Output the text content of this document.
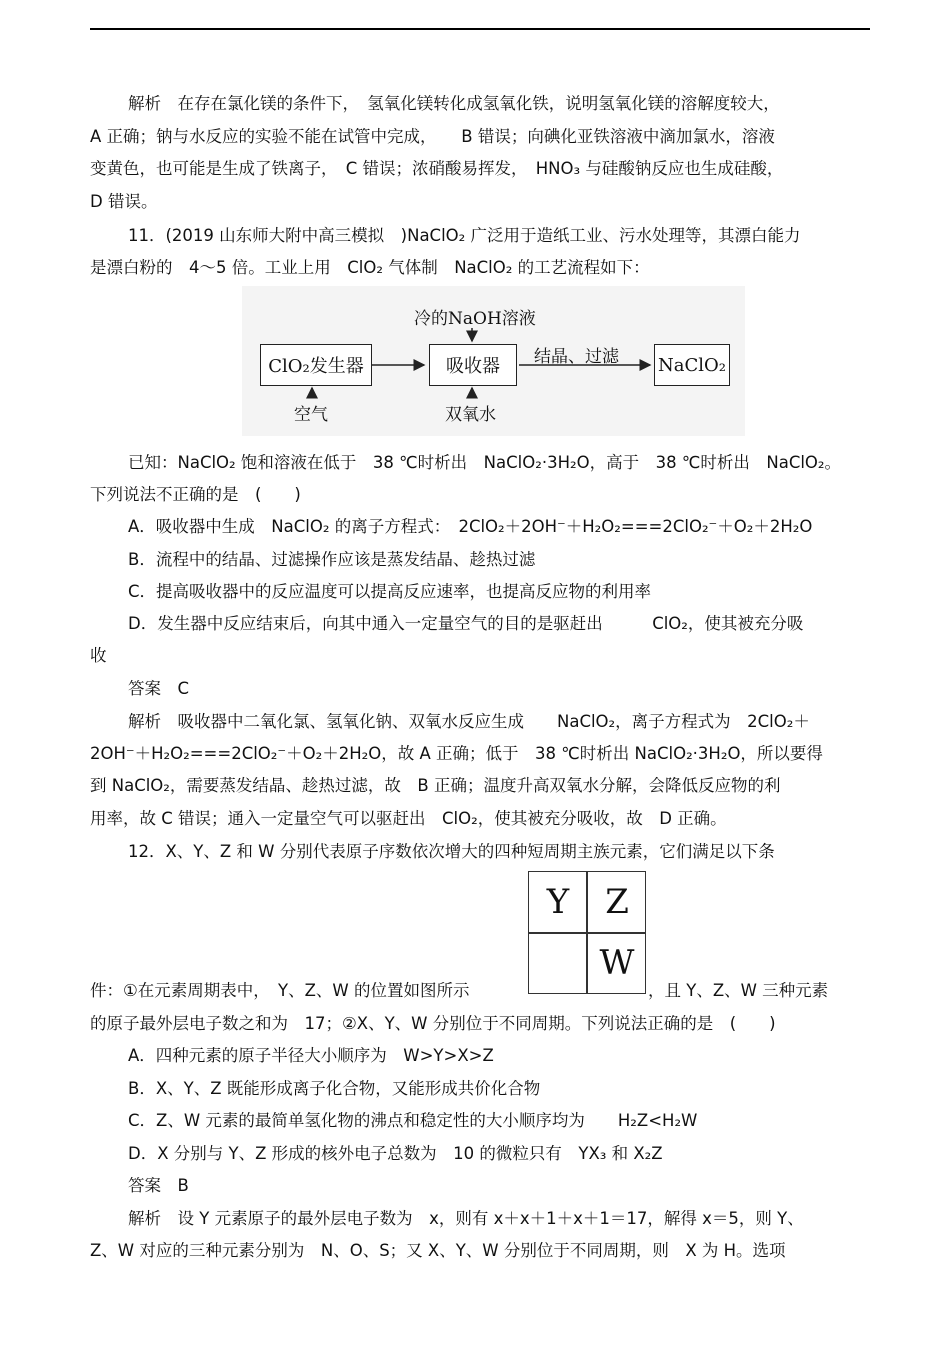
解析　在存在氯化镁的条件下，　氢氧化镁转化成氢氧化铁，说明氢氧化镁的溶解度较大，
A 正确；钠与水反应的实验不能在试管中完成，　　B 错误；向碘化亚铁溶液中滴加氯水，溶液
变黄色，也可能是生成了铁离子，　C 错误；浓硝酸易挥发，　HNO₃ 与硅酸钠反应也生成硅酸，
D 错误。
11．(2019 山东师大附中高三模拟　)NaClO₂ 广泛用于造纸工业、污水处理等，其漂白能力
是漂白粉的　4～5 倍。工业上用　ClO₂ 气体制　NaClO₂ 的工艺流程如下：
ClO₂发生器	吸收器	NaClO₂
冷的NaOH溶液
结晶、过滤
空气	双氧水
已知：NaClO₂ 饱和溶液在低于　38 ℃时析出　NaClO₂·3H₂O，高于　38 ℃时析出　NaClO₂。
下列说法不正确的是　(　　)
A．吸收器中生成　NaClO₂ 的离子方程式：　2ClO₂＋2OH⁻＋H₂O₂===2ClO₂⁻＋O₂＋2H₂O
B．流程中的结晶、过滤操作应该是蒸发结晶、趁热过滤
C．提高吸收器中的反应温度可以提高反应速率，也提高反应物的利用率
D．发生器中反应结束后，向其中通入一定量空气的目的是驱赶出　　　ClO₂，使其被充分吸
收
答案　C
解析　吸收器中二氧化氯、氢氧化钠、双氧水反应生成　　NaClO₂，离子方程式为　2ClO₂＋
2OH⁻＋H₂O₂===2ClO₂⁻＋O₂＋2H₂O，故 A 正确；低于　38 ℃时析出 NaClO₂·3H₂O，所以要得
到 NaClO₂，需要蒸发结晶、趁热过滤，故　B 正确；温度升高双氧水分解，会降低反应物的利
用率，故 C 错误；通入一定量空气可以驱赶出　ClO₂，使其被充分吸收，故　D 正确。
12．X、Y、Z 和 W 分别代表原子序数依次增大的四种短周期主族元素，它们满足以下条
Y	Z
W
件：①在元素周期表中，　Y、Z、W 的位置如图所示	，且 Y、Z、W 三种元素
的原子最外层电子数之和为　17；②X、Y、W 分别位于不同周期。下列说法正确的是　(　　)
A．四种元素的原子半径大小顺序为　W>Y>X>Z
B．X、Y、Z 既能形成离子化合物，又能形成共价化合物
C．Z、W 元素的最简单氢化物的沸点和稳定性的大小顺序均为　　H₂Z<H₂W
D．X 分别与 Y、Z 形成的核外电子总数为　10 的微粒只有　YX₃ 和 X₂Z
答案　B
解析　设 Y 元素原子的最外层电子数为　x，则有 x＋x＋1＋x＋1＝17，解得 x＝5，则 Y、
Z、W 对应的三种元素分别为　N、O、S；又 X、Y、W 分别位于不同周期，则　X 为 H。选项
